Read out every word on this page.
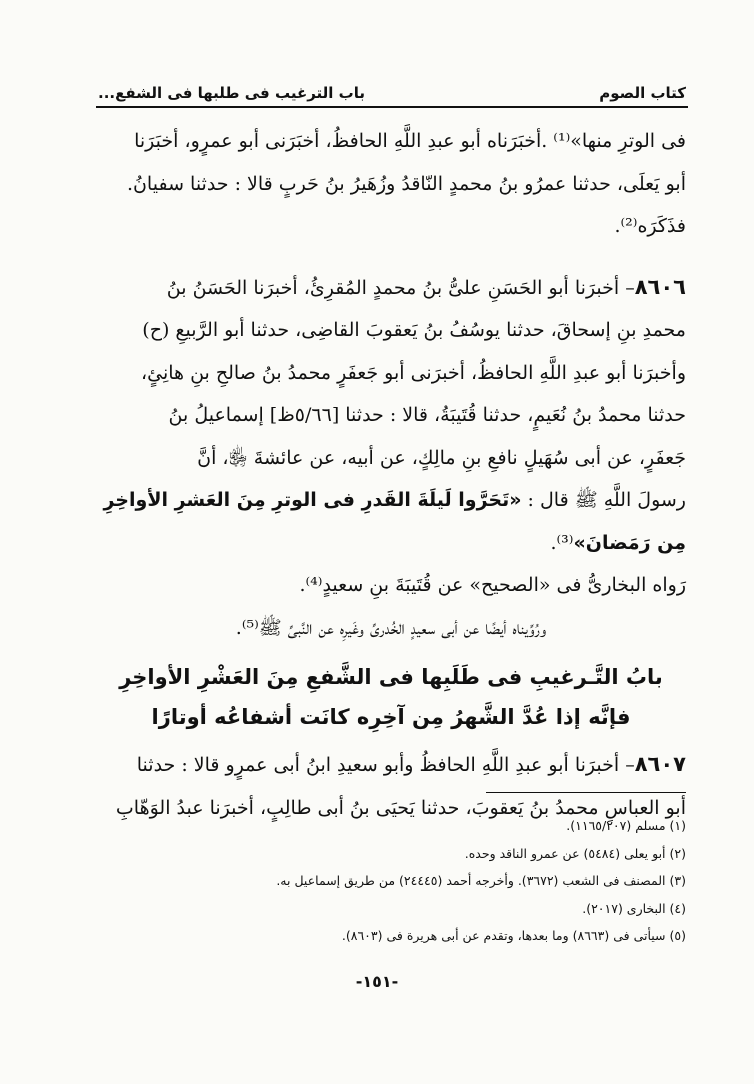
كتاب الصوم
باب الترغيب فى طلبها فى الشفع...

فى الوترِ منها»⁽¹⁾ .أخبَرَناه أبو عبدِ اللَّهِ الحافظُ، أخبَرَنى أبو عمرٍو، أخبَرَنا

أبو يَعلَى، حدثنا عمرُو بنُ محمدٍ النّاقدُ وزُهَيرُ بنُ حَربٍ قالا : حدثنا سفيانُ.

فذَكَرَه⁽²⁾.

٨٦٠٦– أخبرَنا أبو الحَسَنِ علىُّ بنُ محمدٍ المُقرِئُ، أخبرَنا الحَسَنُ بنُ

محمدِ بنِ إسحاقَ، حدثنا يوسُفُ بنُ يَعقوبَ القاضِى، حدثنا أبو الرَّبيعِ (ح)

وأخبرَنا أبو عبدِ اللَّهِ الحافظُ، أخبرَنى أبو جَعفَرٍ محمدُ بنُ صالحِ بنِ هانِئٍ،

حدثنا محمدُ بنُ نُعَيمٍ، حدثنا قُتَيبَةُ، قالا : حدثنا [٥/٦٦ظ] إسماعيلُ بنُ

جَعفَرٍ، عن أبى سُهَيلٍ نافعِ بنِ مالِكٍ، عن أبيه، عن عائشةَ ﵂، أنَّ

رسولَ اللَّهِ ﷺ قال : «تَحَرَّوا لَيلَةَ القَدرِ فى الوترِ مِنَ العَشرِ الأواخِرِ مِن رَمَضانَ»⁽³⁾.

رَواه البخارىُّ فى «الصحيح» عن قُتَيبَةَ بنِ سعيدٍ⁽⁴⁾.

ورُوِّيناه أيضًا عن أبى سعيدٍ الخُدرىِّ وغَيرِه عن النَّبىِّ ﷺ⁽⁵⁾.

بابُ التَّـرغيبِ فى طَلَبِها فى الشَّفعِ مِنَ العَشْرِ الأواخِرِ
فإنَّه إذا عُدَّ الشَّهرُ مِن آخِرِه كانَت أشفاعُه أوتارًا

٨٦٠٧– أخبرَنا أبو عبدِ اللَّهِ الحافظُ وأبو سعيدِ ابنُ أبى عمرٍو قالا : حدثنا

أبو العباسِ محمدُ بنُ يَعقوبَ، حدثنا يَحيَى بنُ أبى طالِبٍ، أخبرَنا عبدُ الوَهّابِ

(١) مسلم (١١٦٥/٢٠٧).

(٢) أبو يعلى (٥٤٨٤) عن عمرو الناقد وحده.

(٣) المصنف فى الشعب (٣٦٧٢). وأخرجه أحمد (٢٤٤٤٥) من طريق إسماعيل به.

(٤) البخارى (٢٠١٧).

(٥) سيأتى فى (٨٦٦٣) وما بعدها، وتقدم عن أبى هريرة فى (٨٦٠٣).

-١٥١-
